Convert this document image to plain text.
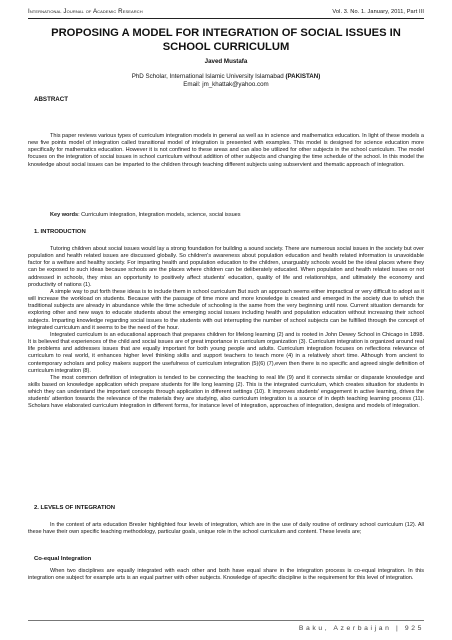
International Journal of Academic Research	Vol. 3. No. 1. January, 2011, Part III
PROPOSING A MODEL FOR INTEGRATION OF SOCIAL ISSUES IN SCHOOL CURRICULUM
Javed Mustafa
PhD Scholar, International Islamic University Islamabad (PAKISTAN)
Email: jm_khattak@yahoo.com
ABSTRACT

This paper reviews various types of curriculum integration models in general as well as in science and mathematics education. In light of these models a new five points model of integration called transitional model of integration is presented with examples. This model is designed for science education more specifically for mathematics education. However it is not confined to these areas and can also be utilized for other subjects in the school curriculum. The model focuses on the integration of social issues in school curriculum without addition of other subjects and changing the time schedule of the school. In this model the knowledge about social issues can be imparted to the children through teaching different subjects using subservient and thematic approach of integration.

Key words: Curriculum integration, Integration models, science, social issues
1. INTRODUCTION

Tutoring children about social issues would lay a strong foundation for building a sound society. There are numerous social issues in the society but over population and health related issues are discussed globally. So children's awareness about population education and health related information is unavoidable factor for a welfare and healthy society. For imparting health and population education to the children, unarguably schools would be the ideal places where they can be exposed to such ideas because schools are the places where children can be deliberately educated. When population and health related issues or not addressed in schools, they miss an opportunity to positively affect students' education, quality of life and relationships, and ultimately the economy and productivity of nations (1).

A simple way to put forth these ideas is to include them in school curriculum But such an approach seems either impractical or very difficult to adopt as it will increase the workload on students. Because with the passage of time more and more knowledge is created and emerged in the society due to which the traditional subjects are already in abundance while the time schedule of schooling is the same from the very beginning until now. Current situation demands for exploring other and new ways to educate students about the emerging social issues including health and population education without increasing their school subjects. Imparting knowledge regarding social issues to the students with out interrupting the number of school subjects can be fulfilled through the concept of integrated curriculum and it seems to be the need of the hour.

Integrated curriculum is an educational approach that prepares children for lifelong learning (2) and is rooted in John Dewey School in Chicago in 1898. It is believed that experiences of the child and social issues are of great importance in curriculum organization (3). Curriculum integration is organized around real life problems and addresses issues that are equally important for both young people and adults. Curriculum integration focuses on reflections relevance of curriculum to real world, it enhances higher level thinking skills and support teachers to teach more (4) in a relatively short time. Although from ancient to contemporary scholars and policy makers support the usefulness of curriculum integration (5)(6) (7),even then there is no specific and agreed single definition of curriculum integration (8).

The most common definition of integration is tended to be connecting the teaching to real life (9) and it connects similar or disparate knowledge and skills based on knowledge application which prepare students for life long learning (2). This is the integrated curriculum, which creates situation for students in which they can understand the important concepts through application in different settings (10). It improves students' engagement in active learning, drives the students' attention towards the relevance of the materials they are studying, also curriculum integration is a source of in depth teaching learning process (11). Scholars have elaborated curriculum integration in different forms, for instance level of integration, approaches of integration, designs and models of integration.

2. LEVELS OF INTEGRATION

In the context of arts education Bresler highlighted four levels of integration, which are in the use of daily routine of ordinary school curriculum (12). All these have their own specific teaching methodology, particular goals, unique role in the school curriculum and content. These levels are;

Co-equal Integration

When two disciplines are equally integrated with each other and both have equal share in the integration process is co-equal integration. In this integration one subject for example arts is an equal partner with other subjects. Knowledge of specific discipline is the requirement for this level of integration.

Baku, Azerbaijan | 925
